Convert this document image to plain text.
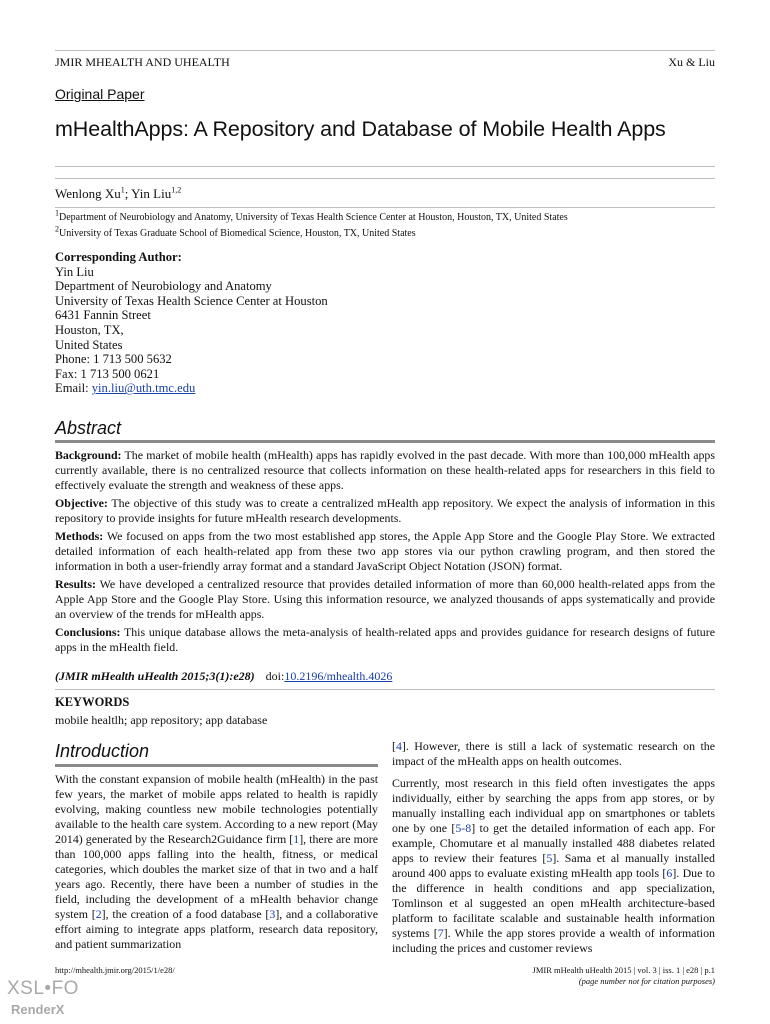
JMIR MHEALTH AND UHEALTH	Xu & Liu
Original Paper
mHealthApps: A Repository and Database of Mobile Health Apps
Wenlong Xu$^1$; Yin Liu$^{1,2}$
$^1$Department of Neurobiology and Anatomy, University of Texas Health Science Center at Houston, Houston, TX, United States
$^2$University of Texas Graduate School of Biomedical Science, Houston, TX, United States
Corresponding Author:
Yin Liu
Department of Neurobiology and Anatomy
University of Texas Health Science Center at Houston
6431 Fannin Street
Houston, TX,
United States
Phone: 1 713 500 5632
Fax: 1 713 500 0621
Email: yin.liu@uth.tmc.edu
Abstract
Background: The market of mobile health (mHealth) apps has rapidly evolved in the past decade. With more than 100,000 mHealth apps currently available, there is no centralized resource that collects information on these health-related apps for researchers in this field to effectively evaluate the strength and weakness of these apps.
Objective: The objective of this study was to create a centralized mHealth app repository. We expect the analysis of information in this repository to provide insights for future mHealth research developments.
Methods: We focused on apps from the two most established app stores, the Apple App Store and the Google Play Store. We extracted detailed information of each health-related app from these two app stores via our python crawling program, and then stored the information in both a user-friendly array format and a standard JavaScript Object Notation (JSON) format.
Results: We have developed a centralized resource that provides detailed information of more than 60,000 health-related apps from the Apple App Store and the Google Play Store. Using this information resource, we analyzed thousands of apps systematically and provide an overview of the trends for mHealth apps.
Conclusions: This unique database allows the meta-analysis of health-related apps and provides guidance for research designs of future apps in the mHealth field.
(JMIR mHealth uHealth 2015;3(1):e28) doi:10.2196/mhealth.4026
KEYWORDS
mobile healtlh; app repository; app database
Introduction
With the constant expansion of mobile health (mHealth) in the past few years, the market of mobile apps related to health is rapidly evolving, making countless new mobile technologies potentially available to the health care system. According to a new report (May 2014) generated by the Research2Guidance firm [1], there are more than 100,000 apps falling into the health, fitness, or medical categories, which doubles the market size of that in two and a half years ago. Recently, there have been a number of studies in the field, including the development of a mHealth behavior change system [2], the creation of a food database [3], and a collaborative effort aiming to integrate apps platform, research data repository, and patient summarization
[4]. However, there is still a lack of systematic research on the impact of the mHealth apps on health outcomes.
Currently, most research in this field often investigates the apps individually, either by searching the apps from app stores, or by manually installing each individual app on smartphones or tablets one by one [5-8] to get the detailed information of each app. For example, Chomutare et al manually installed 488 diabetes related apps to review their features [5]. Sama et al manually installed around 400 apps to evaluate existing mHealth app tools [6]. Due to the difference in health conditions and app specialization, Tomlinson et al suggested an open mHealth architecture-based platform to facilitate scalable and sustainable health information systems [7]. While the app stores provide a wealth of information including the prices and customer reviews
http://mhealth.jmir.org/2015/1/e28/	JMIR mHealth uHealth 2015 | vol. 3 | iss. 1 | e28 | p.1
(page number not for citation purposes)
XSL•FO
RenderX
